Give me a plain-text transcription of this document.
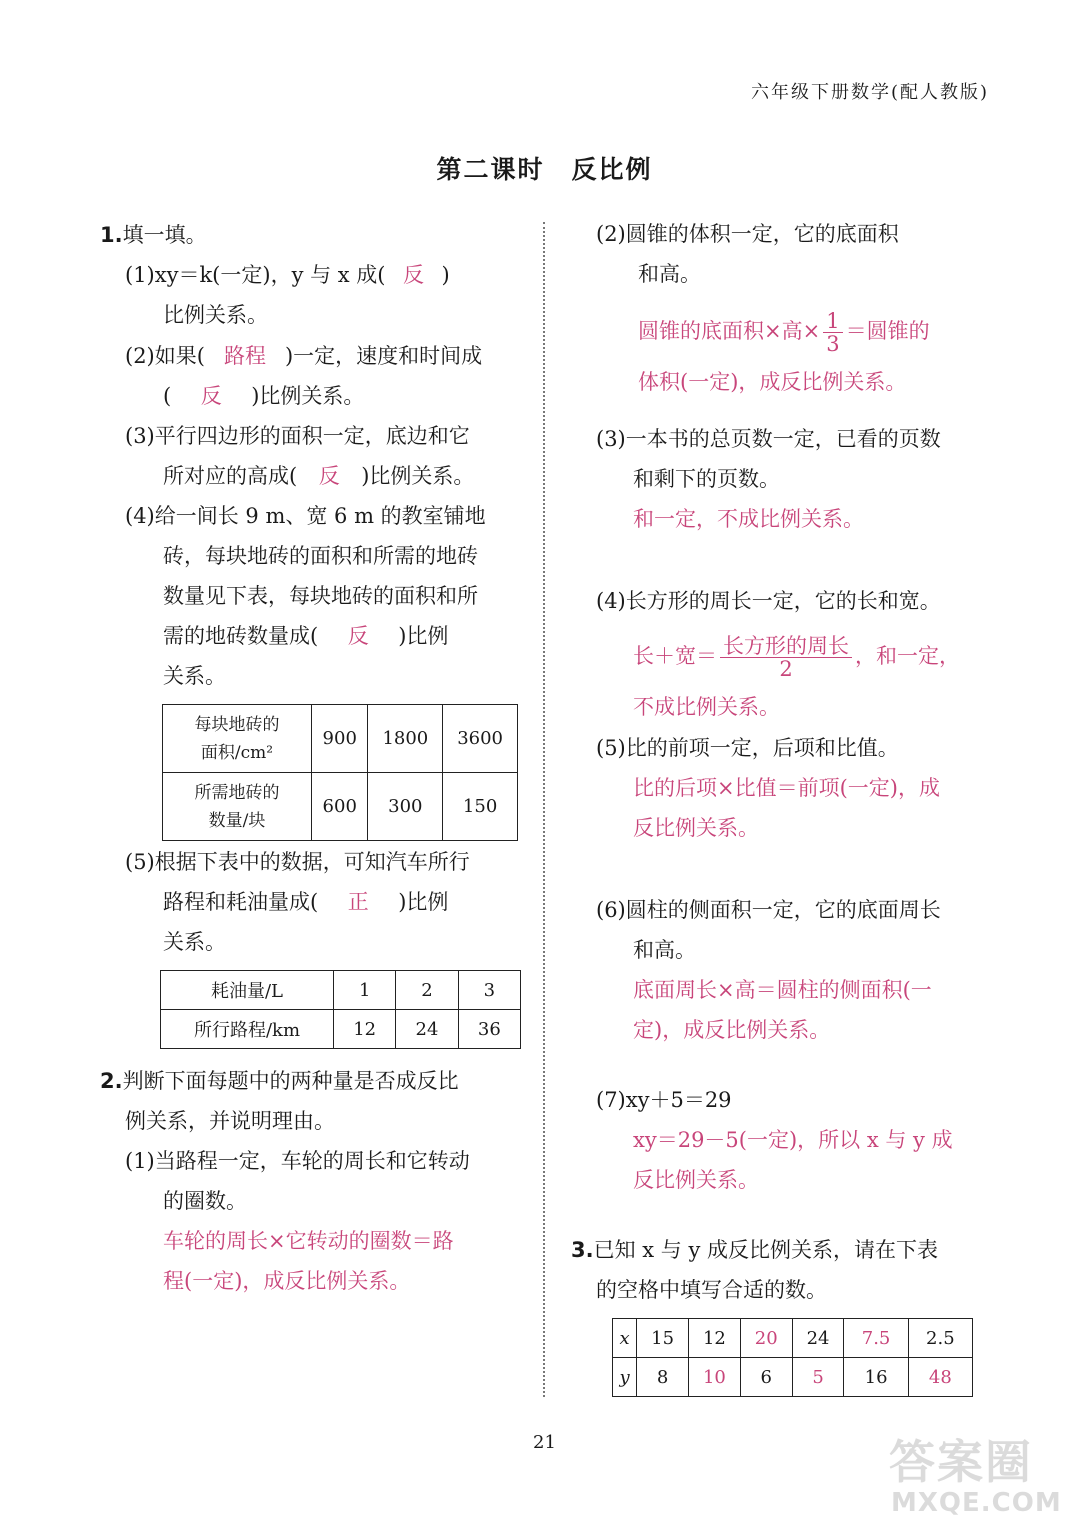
六年级下册数学(配人教版)
第二课时　反比例
1.填一填。
(1)xy＝k(一定)，y 与 x 成( 反 )
比例关系。
(2)如果( 路程 )一定，速度和时间成
( 反 )比例关系。
(3)平行四边形的面积一定，底边和它
所对应的高成( 反 )比例关系。
(4)给一间长 9 m、宽 6 m 的教室铺地
砖，每块地砖的面积和所需的地砖
数量见下表，每块地砖的面积和所
需的地砖数量成( 反 )比例
关系。
每块地砖的
面积/cm²	900	1800	3600
所需地砖的
数量/块	600	300	150
(5)根据下表中的数据，可知汽车所行
路程和耗油量成( 正 )比例
关系。
耗油量/L	1	2	3
所行路程/km	12	24	36
2.判断下面每题中的两种量是否成反比
例关系，并说明理由。
(1)当路程一定，车轮的周长和它转动
的圈数。
车轮的周长×它转动的圈数＝路
程(一定)，成反比例关系。
(2)圆锥的体积一定，它的底面积
和高。
圆锥的底面积×高× $\frac{1}{3}$ ＝圆锥的
体积(一定)，成反比例关系。
(3)一本书的总页数一定，已看的页数
和剩下的页数。
和一定，不成比例关系。
(4)长方形的周长一定，它的长和宽。
长＋宽＝ $\frac{\text{长方形的周长}}{2}$ ，和一定，
不成比例关系。
(5)比的前项一定，后项和比值。
比的后项×比值＝前项(一定)，成
反比例关系。
(6)圆柱的侧面积一定，它的底面周长
和高。
底面周长×高＝圆柱的侧面积(一
定)，成反比例关系。
(7)xy＋5＝29
xy＝29－5(一定)，所以 x 与 y 成
反比例关系。
3.已知 x 与 y 成反比例关系，请在下表
的空格中填写合适的数。
x	15	12	20	24	7.5	2.5
y	8	10	6	5	16	48
21	答案圈
MXQE.COM
